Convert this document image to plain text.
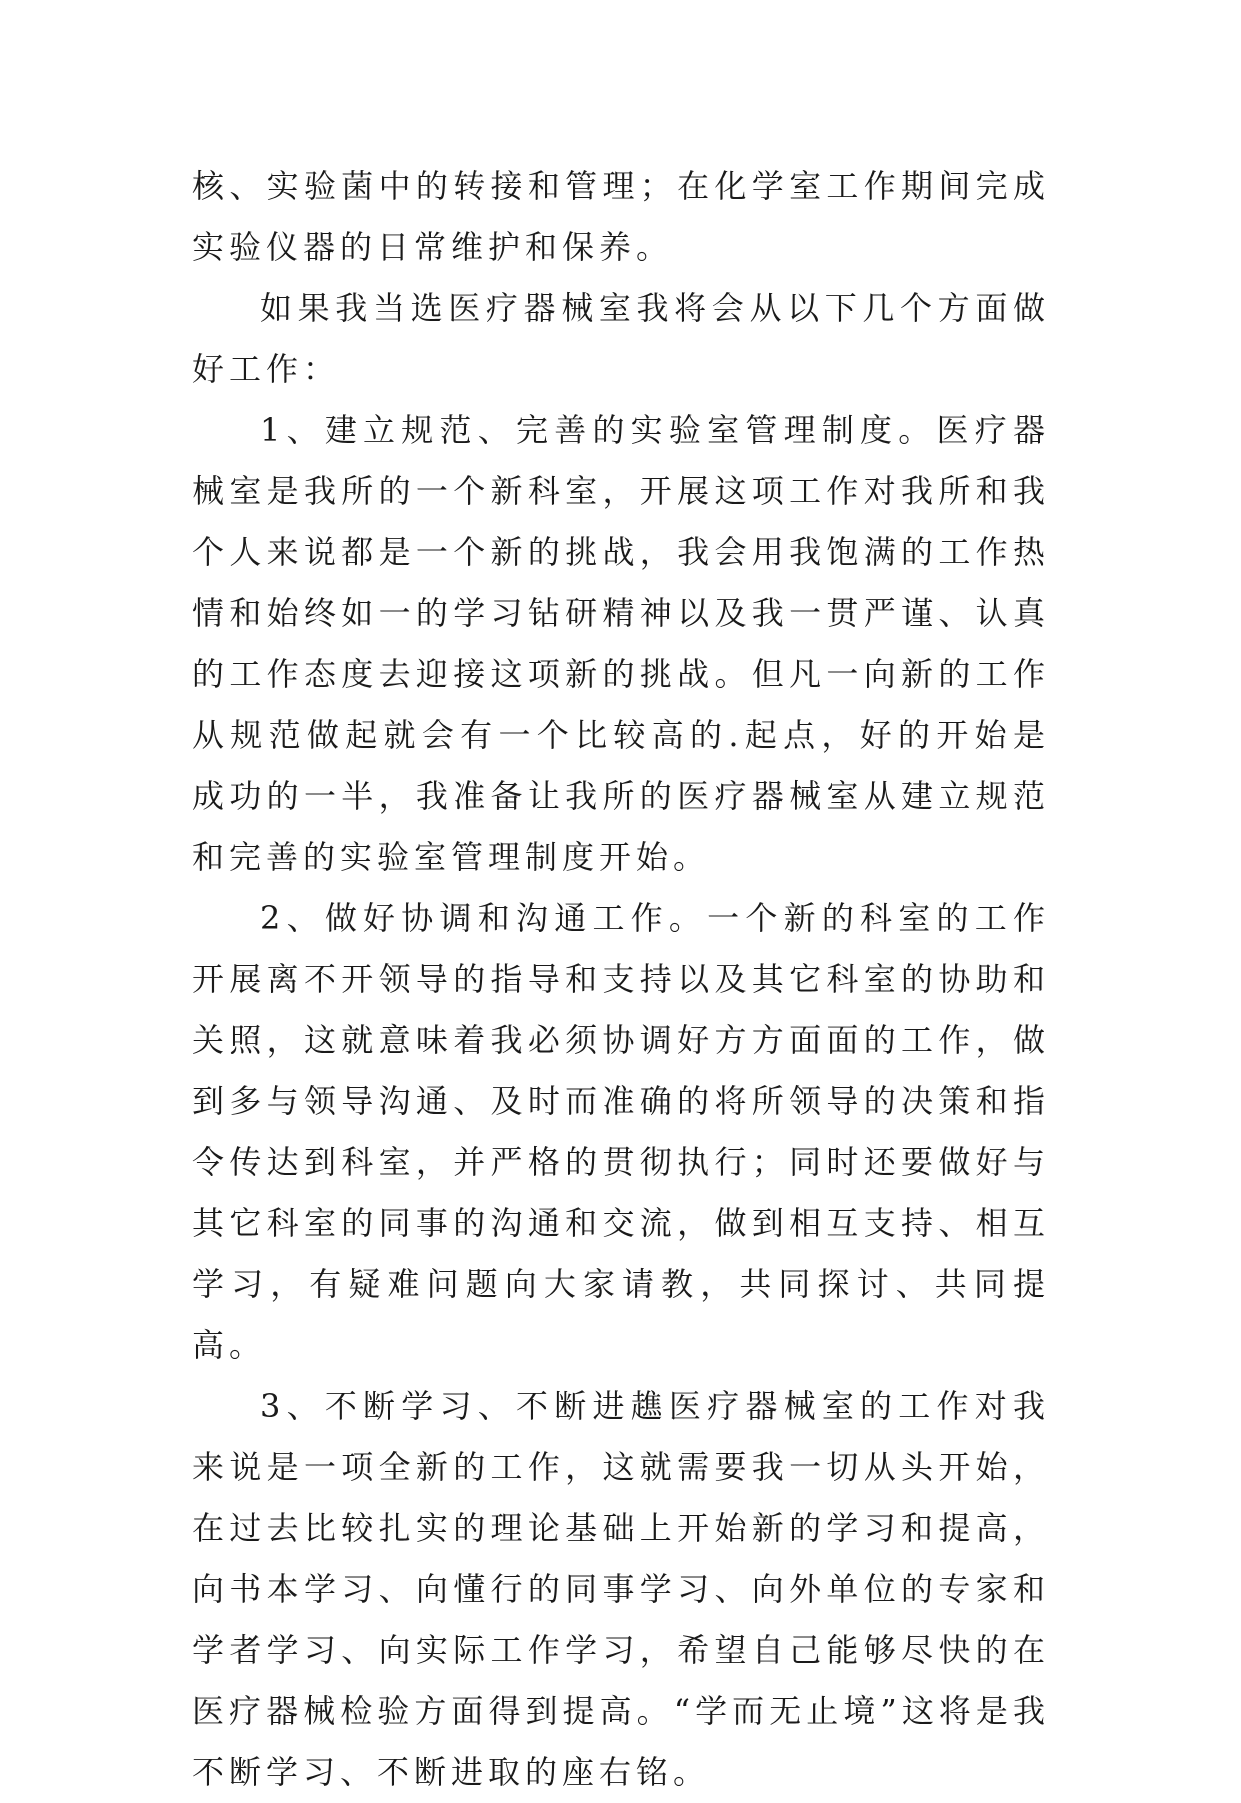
核、实验菌中的转接和管理；在化学室工作期间完成实验仪器的日常维护和保养。

如果我当选医疗器械室我将会从以下几个方面做好工作：

1、建立规范、完善的实验室管理制度。医疗器械室是我所的一个新科室，开展这项工作对我所和我个人来说都是一个新的挑战，我会用我饱满的工作热情和始终如一的学习钻研精神以及我一贯严谨、认真的工作态度去迎接这项新的挑战。但凡一向新的工作从规范做起就会有一个比较高的.起点，好的开始是成功的一半，我准备让我所的医疗器械室从建立规范和完善的实验室管理制度开始。

2、做好协调和沟通工作。一个新的科室的工作开展离不开领导的指导和支持以及其它科室的协助和关照，这就意味着我必须协调好方方面面的工作，做到多与领导沟通、及时而准确的将所领导的决策和指令传达到科室，并严格的贯彻执行；同时还要做好与其它科室的同事的沟通和交流，做到相互支持、相互学习，有疑难问题向大家请教，共同探讨、共同提高。

3、不断学习、不断进趭医疗器械室的工作对我来说是一项全新的工作，这就需要我一切从头开始，在过去比较扎实的理论基础上开始新的学习和提高，向书本学习、向懂行的同事学习、向外单位的专家和学者学习、向实际工作学习，希望自己能够尽快的在医疗器械检验方面得到提高。“学而无止境”这将是我不断学习、不断进取的座右铭。
